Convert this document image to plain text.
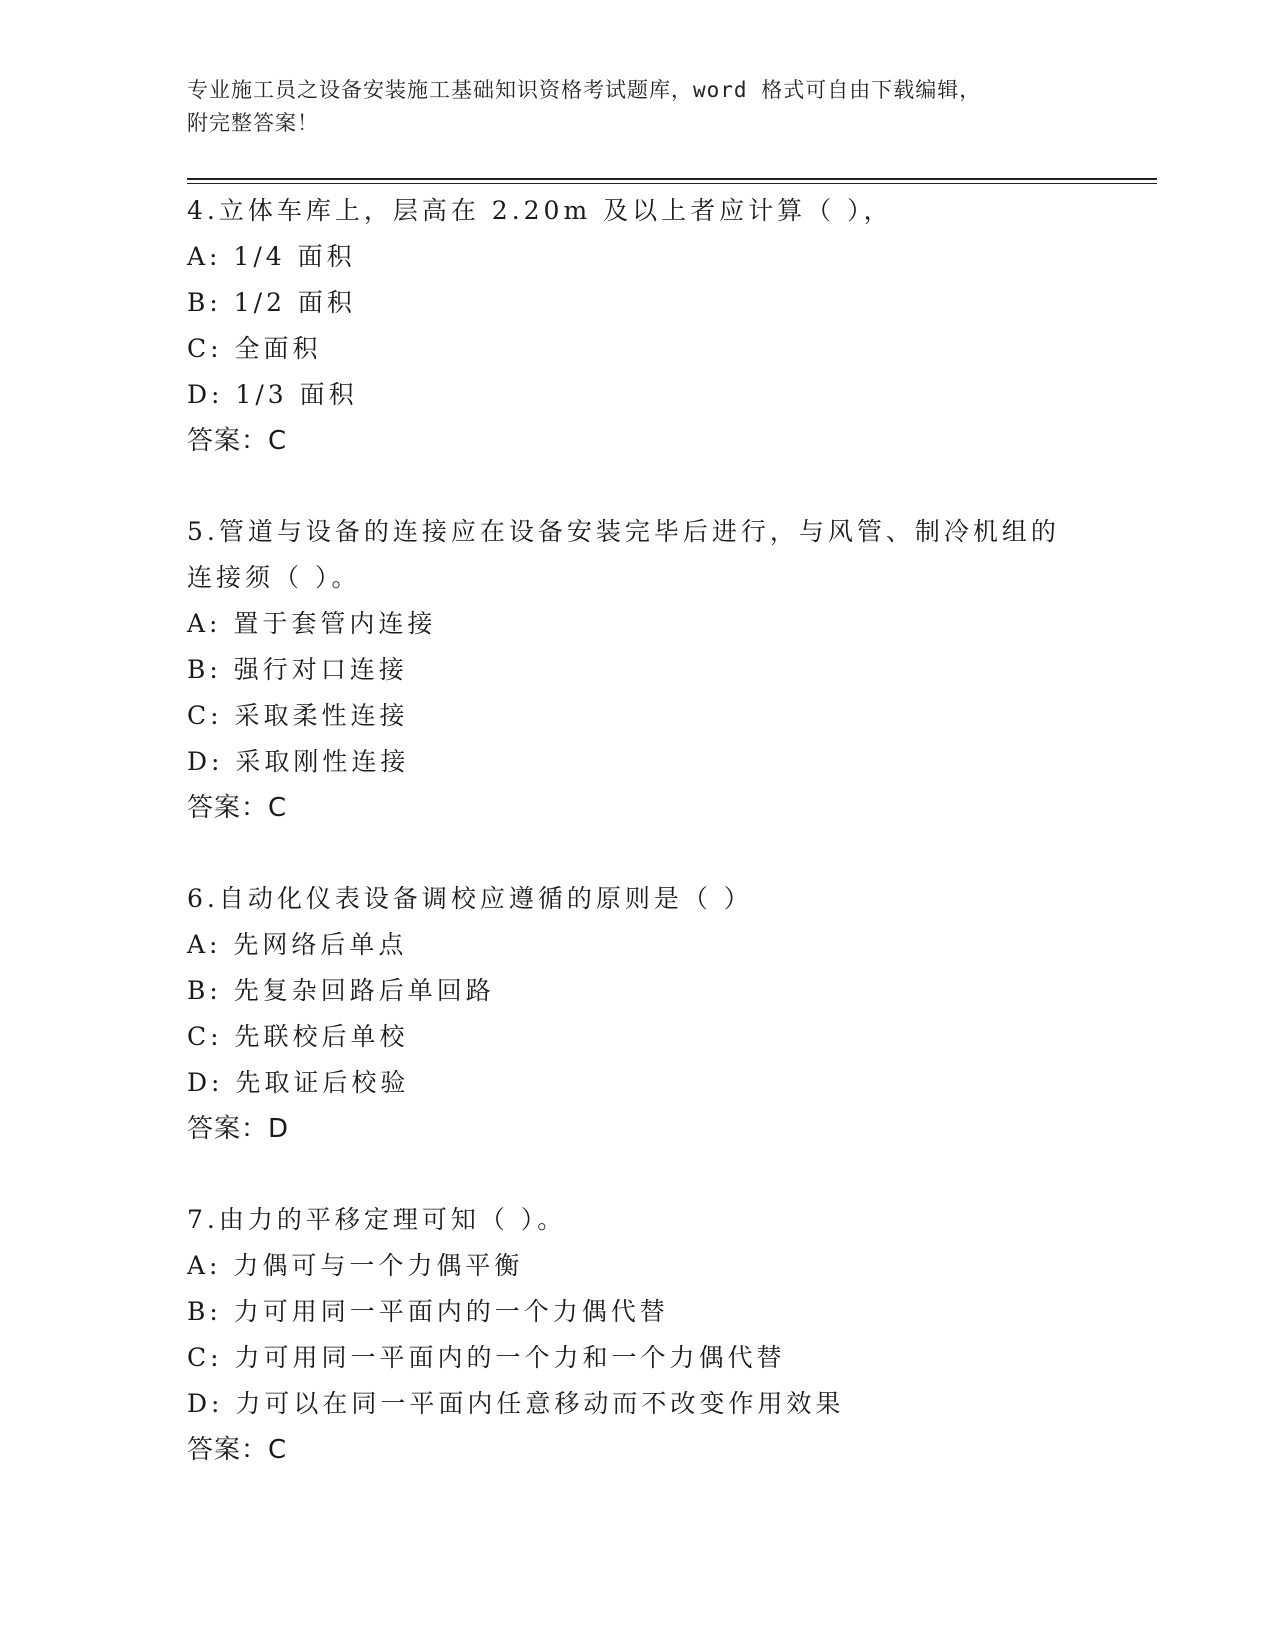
专业施工员之设备安装施工基础知识资格考试题库，word 格式可自由下载编辑，
附完整答案！
4.立体车库上，层高在 2.20m 及以上者应计算（ ），
A: 1/4 面积
B: 1/2 面积
C: 全面积
D: 1/3 面积
答案：C
5.管道与设备的连接应在设备安装完毕后进行，与风管、制冷机组的连接须（ ）。
A: 置于套管内连接
B: 强行对口连接
C: 采取柔性连接
D: 采取刚性连接
答案：C
6.自动化仪表设备调校应遵循的原则是（ ）
A: 先网络后单点
B: 先复杂回路后单回路
C: 先联校后单校
D: 先取证后校验
答案：D
7.由力的平移定理可知（ ）。
A: 力偶可与一个力偶平衡
B: 力可用同一平面内的一个力偶代替
C: 力可用同一平面内的一个力和一个力偶代替
D: 力可以在同一平面内任意移动而不改变作用效果
答案：C
